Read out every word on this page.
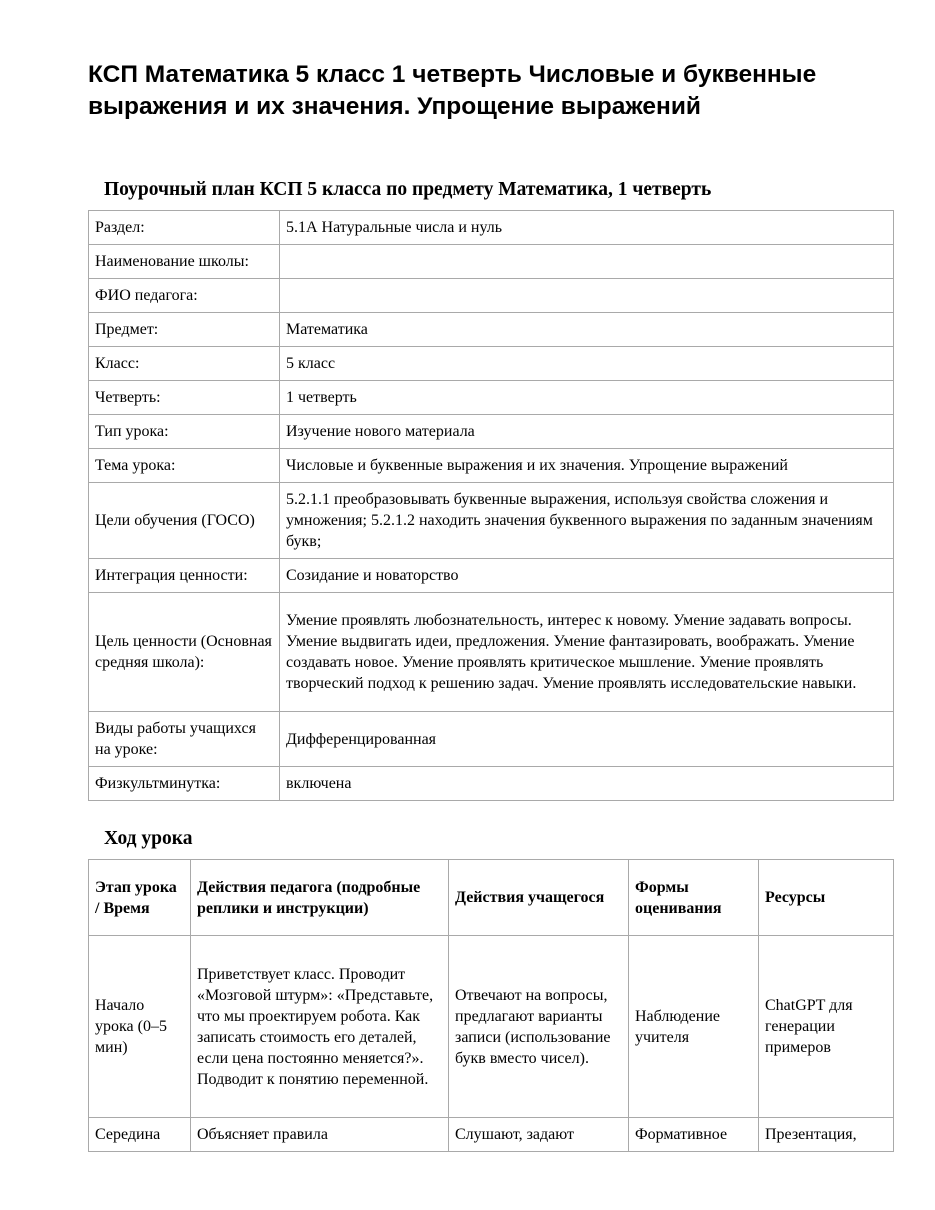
КСП Математика 5 класс 1 четверть Числовые и буквенные выражения и их значения. Упрощение выражений
Поурочный план КСП 5 класса по предмету Математика, 1 четверть
Раздел:	5.1А Натуральные числа и нуль
Наименование школы:	
ФИО педагога:	
Предмет:	Математика
Класс:	5 класс
Четверть:	1 четверть
Тип урока:	Изучение нового материала
Тема урока:	Числовые и буквенные выражения и их значения. Упрощение выражений
Цели обучения (ГОСО)	5.2.1.1 преобразовывать буквенные выражения, используя свойства сложения и умножения; 5.2.1.2 находить значения буквенного выражения по заданным значениям букв;
Интеграция ценности:	Созидание и новаторство
Цель ценности (Основная средняя школа):	Умение проявлять любознательность, интерес к новому. Умение задавать вопросы. Умение выдвигать идеи, предложения. Умение фантазировать, воображать. Умение создавать новое. Умение проявлять критическое мышление. Умение проявлять творческий подход к решению задач. Умение проявлять исследовательские навыки.
Виды работы учащихся на уроке:	Дифференцированная
Физкультминутка:	включена
Ход урока
Этап урока / Время	Действия педагога (подробные реплики и инструкции)	Действия учащегося	Формы оценивания	Ресурсы
Начало урока (0–5 мин)	Приветствует класс. Проводит «Мозговой штурм»: «Представьте, что мы проектируем робота. Как записать стоимость его деталей, если цена постоянно меняется?». Подводит к понятию переменной.	Отвечают на вопросы, предлагают варианты записи (использование букв вместо чисел).	Наблюдение учителя	ChatGPT для генерации примеров
Середина	Объясняет правила	Слушают, задают	Формативное	Презентация,
